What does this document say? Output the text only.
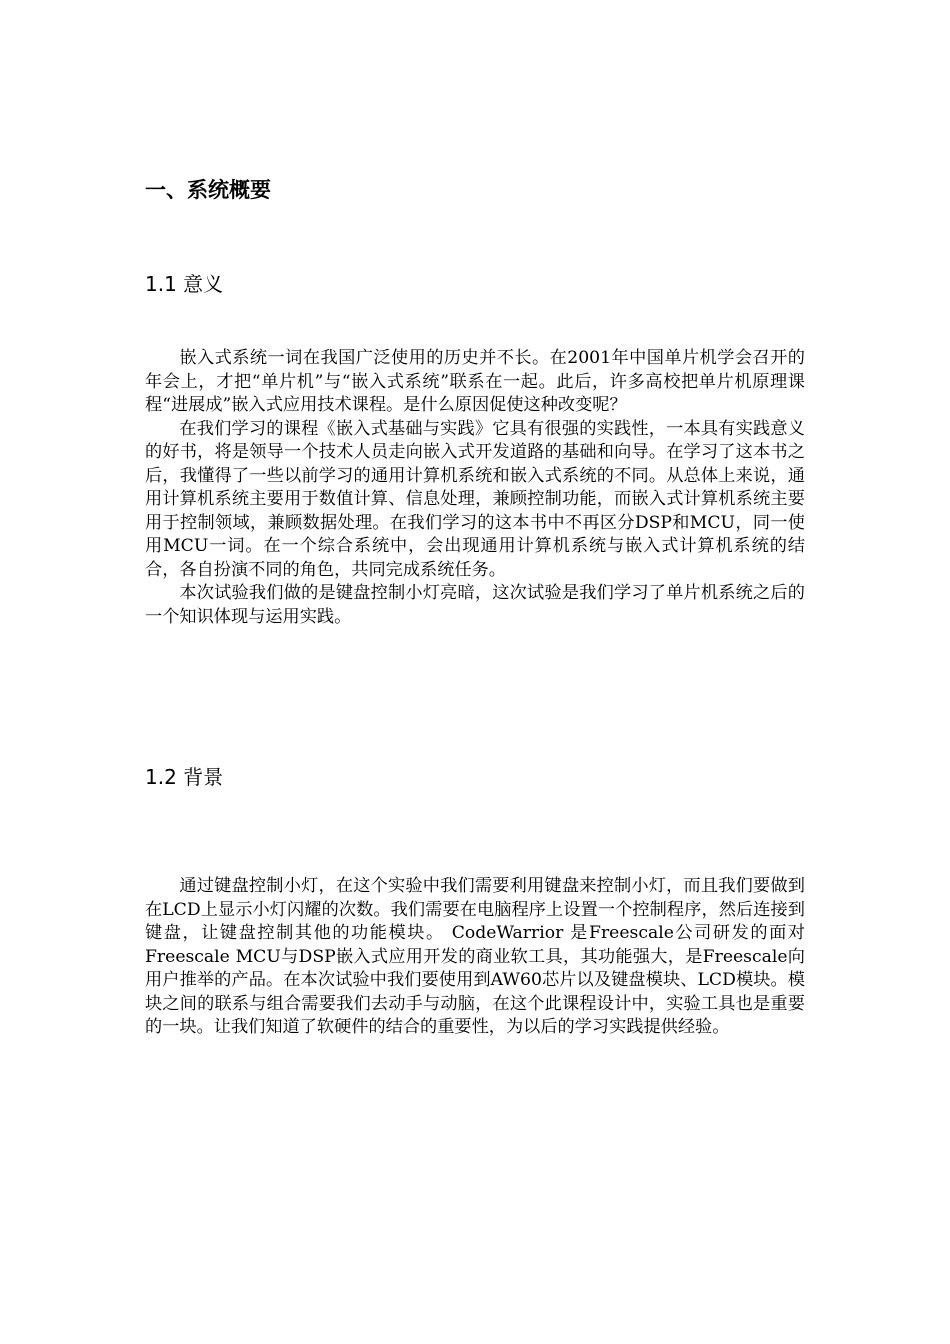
一、系统概要
1.1 意义

嵌入式系统一词在我国广泛使用的历史并不长。在2001年中国单片机学会召开的年会上，才把“单片机”与“嵌入式系统”联系在一起。此后，许多高校把单片机原理课程“进展成”嵌入式应用技术课程。是什么原因促使这种改变呢？

在我们学习的课程《嵌入式基础与实践》它具有很强的实践性，一本具有实践意义的好书，将是领导一个技术人员走向嵌入式开发道路的基础和向导。在学习了这本书之后，我懂得了一些以前学习的通用计算机系统和嵌入式系统的不同。从总体上来说，通用计算机系统主要用于数值计算、信息处理，兼顾控制功能，而嵌入式计算机系统主要用于控制领域，兼顾数据处理。在我们学习的这本书中不再区分DSP和MCU，同一使用MCU一词。在一个综合系统中，会出现通用计算机系统与嵌入式计算机系统的结合，各自扮演不同的角色，共同完成系统任务。

本次试验我们做的是键盘控制小灯亮暗，这次试验是我们学习了单片机系统之后的一个知识体现与运用实践。

1.2 背景

通过键盘控制小灯，在这个实验中我们需要利用键盘来控制小灯，而且我们要做到在LCD上显示小灯闪耀的次数。我们需要在电脑程序上设置一个控制程序，然后连接到键盘，让键盘控制其他的功能模块。 CodeWarrior 是Freescale公司研发的面对Freescale MCU与DSP嵌入式应用开发的商业软工具，其功能强大，是Freescale向用户推举的产品。在本次试验中我们要使用到AW60芯片以及键盘模块、LCD模块。模块之间的联系与组合需要我们去动手与动脑，在这个此课程设计中，实验工具也是重要的一块。让我们知道了软硬件的结合的重要性，为以后的学习实践提供经验。
